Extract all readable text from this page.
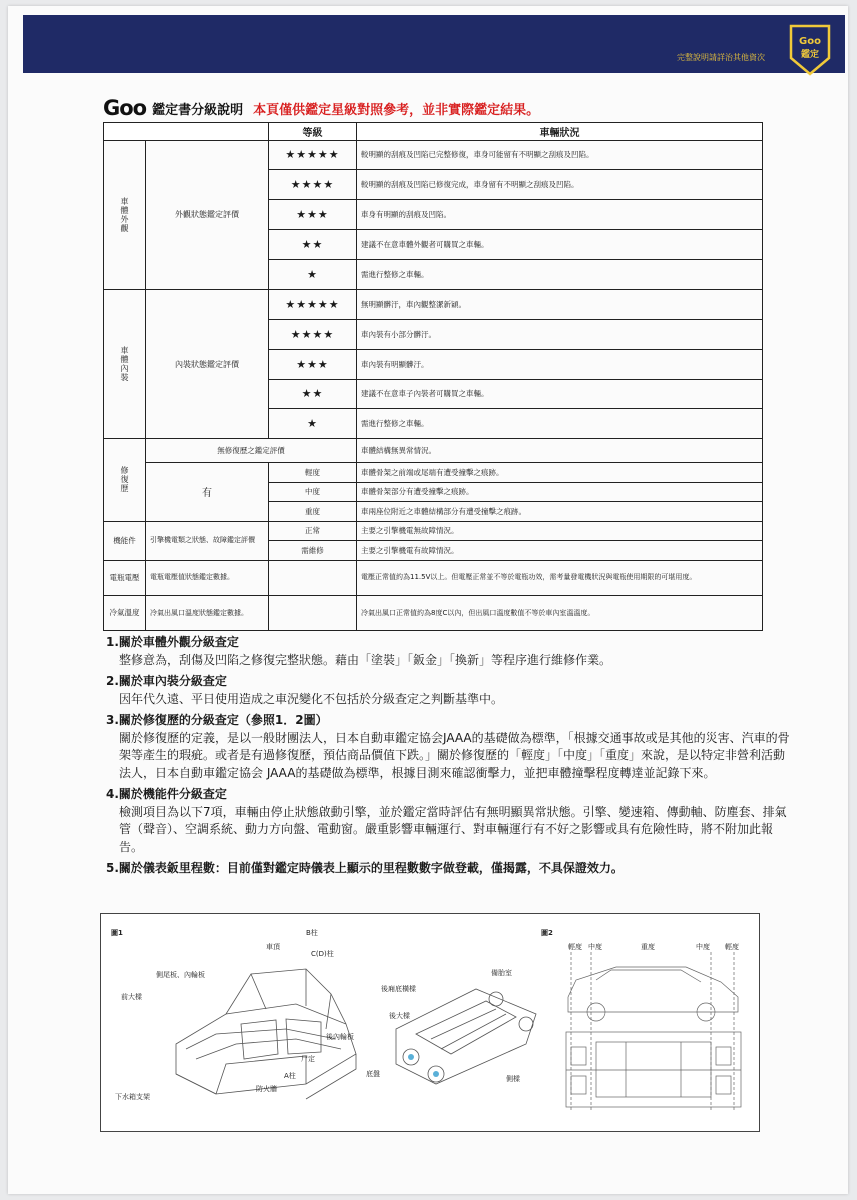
完整說明請詳治其他資次
Goo
鑑定
Goo 鑑定書分級說明 本頁僅供鑑定星級對照參考，並非實際鑑定結果。
		等級	車輛狀況
車體外觀	外觀狀態鑑定評價	★★★★★	較明顯的刮痕及凹陷已完整修復，車身可能留有不明顯之刮痕及凹陷。
		★★★★	較明顯的刮痕及凹陷已修復完成，車身留有不明顯之刮痕及凹陷。
		★★★	車身有明顯的刮痕及凹陷。
		★★	建議不在意車體外觀者可購買之車輛。
		★	需進行整修之車輛。
車體內裝	內裝狀態鑑定評價	★★★★★	無明顯髒汙，車內觀整潔新穎。
		★★★★	車內裝有小部分髒汙。
		★★★	車內裝有明顯髒汙。
		★★	建議不在意車子內裝者可購買之車輛。
		★	需進行整修之車輛。
修復歷	無修復歷之鑑定評價		車體結構無異常情況。
	有	輕度	車體骨架之前端或尾端有遭受撞擊之痕跡。
		中度	車體骨架部分有遭受撞擊之痕跡。
		重度	車兩座位附近之車體結構部分有遭受撞擊之痕跡。
機能件	引擎機電類之狀態、故障鑑定評價	正常	主要之引擎機電無故障情況。
		需維修	主要之引擎機電有故障情況。
電瓶電壓	電瓶電壓值狀態鑑定數據。		電壓正常值約為11.5V以上。但電壓正常並不等於電瓶功效，需考量發電機狀況與電瓶使用期限的可堪用度。
冷氣溫度	冷氣出風口溫度狀態鑑定數據。		冷氣出風口正常值約為8度C以內，但出風口溫度數值不等於車內室溫溫度。
1.關於車體外觀分級查定
整修意為，刮傷及凹陷之修復完整狀態。藉由「塗裝」「鈑金」「換新」等程序進行維修作業。
2.關於車內裝分級查定
因年代久遠、平日使用造成之車況變化不包括於分級查定之判斷基準中。
3.關於修復歷的分級查定（參照1．2圖）
關於修復歷的定義，是以一般財團法人，日本自動車鑑定協会JAAA的基礎做為標準，「根據交通事故或是其他的災害、汽車的骨架等產生的瑕疵。或者是有過修復歷，預估商品價值下跌。」關於修復歷的「輕度」「中度」「重度」來說，是以特定非營利活動法人，日本自動車鑑定協会 JAAA的基礎做為標準，根據目測來確認衝擊力，並把車體撞擊程度轉達並記錄下來。
4.關於機能件分級查定
檢測項目為以下7項，車輛由停止狀態啟動引擎，並於鑑定當時評估有無明顯異常狀態。引擎、變速箱、傳動軸、防塵套、排氣管（聲音）、空調系統、動力方向盤、電動窗。嚴重影響車輛運行、對車輛運行有不好之影響或具有危險性時，將不附加此報告。
5.關於儀表鈑里程數：目前僅對鑑定時儀表上顯示的里程數數字做登載，僅揭露，不具保證效力。
圖1	B柱
車頂
C(D)柱
側尾板、內輪板
前大樑
後內輪板
尸定
A柱
防火牆
下水箱支架
後廂底橫樑
備胎室
後大樑
底盤
側樑
圖2
輕度 中度	重度	中度 輕度
